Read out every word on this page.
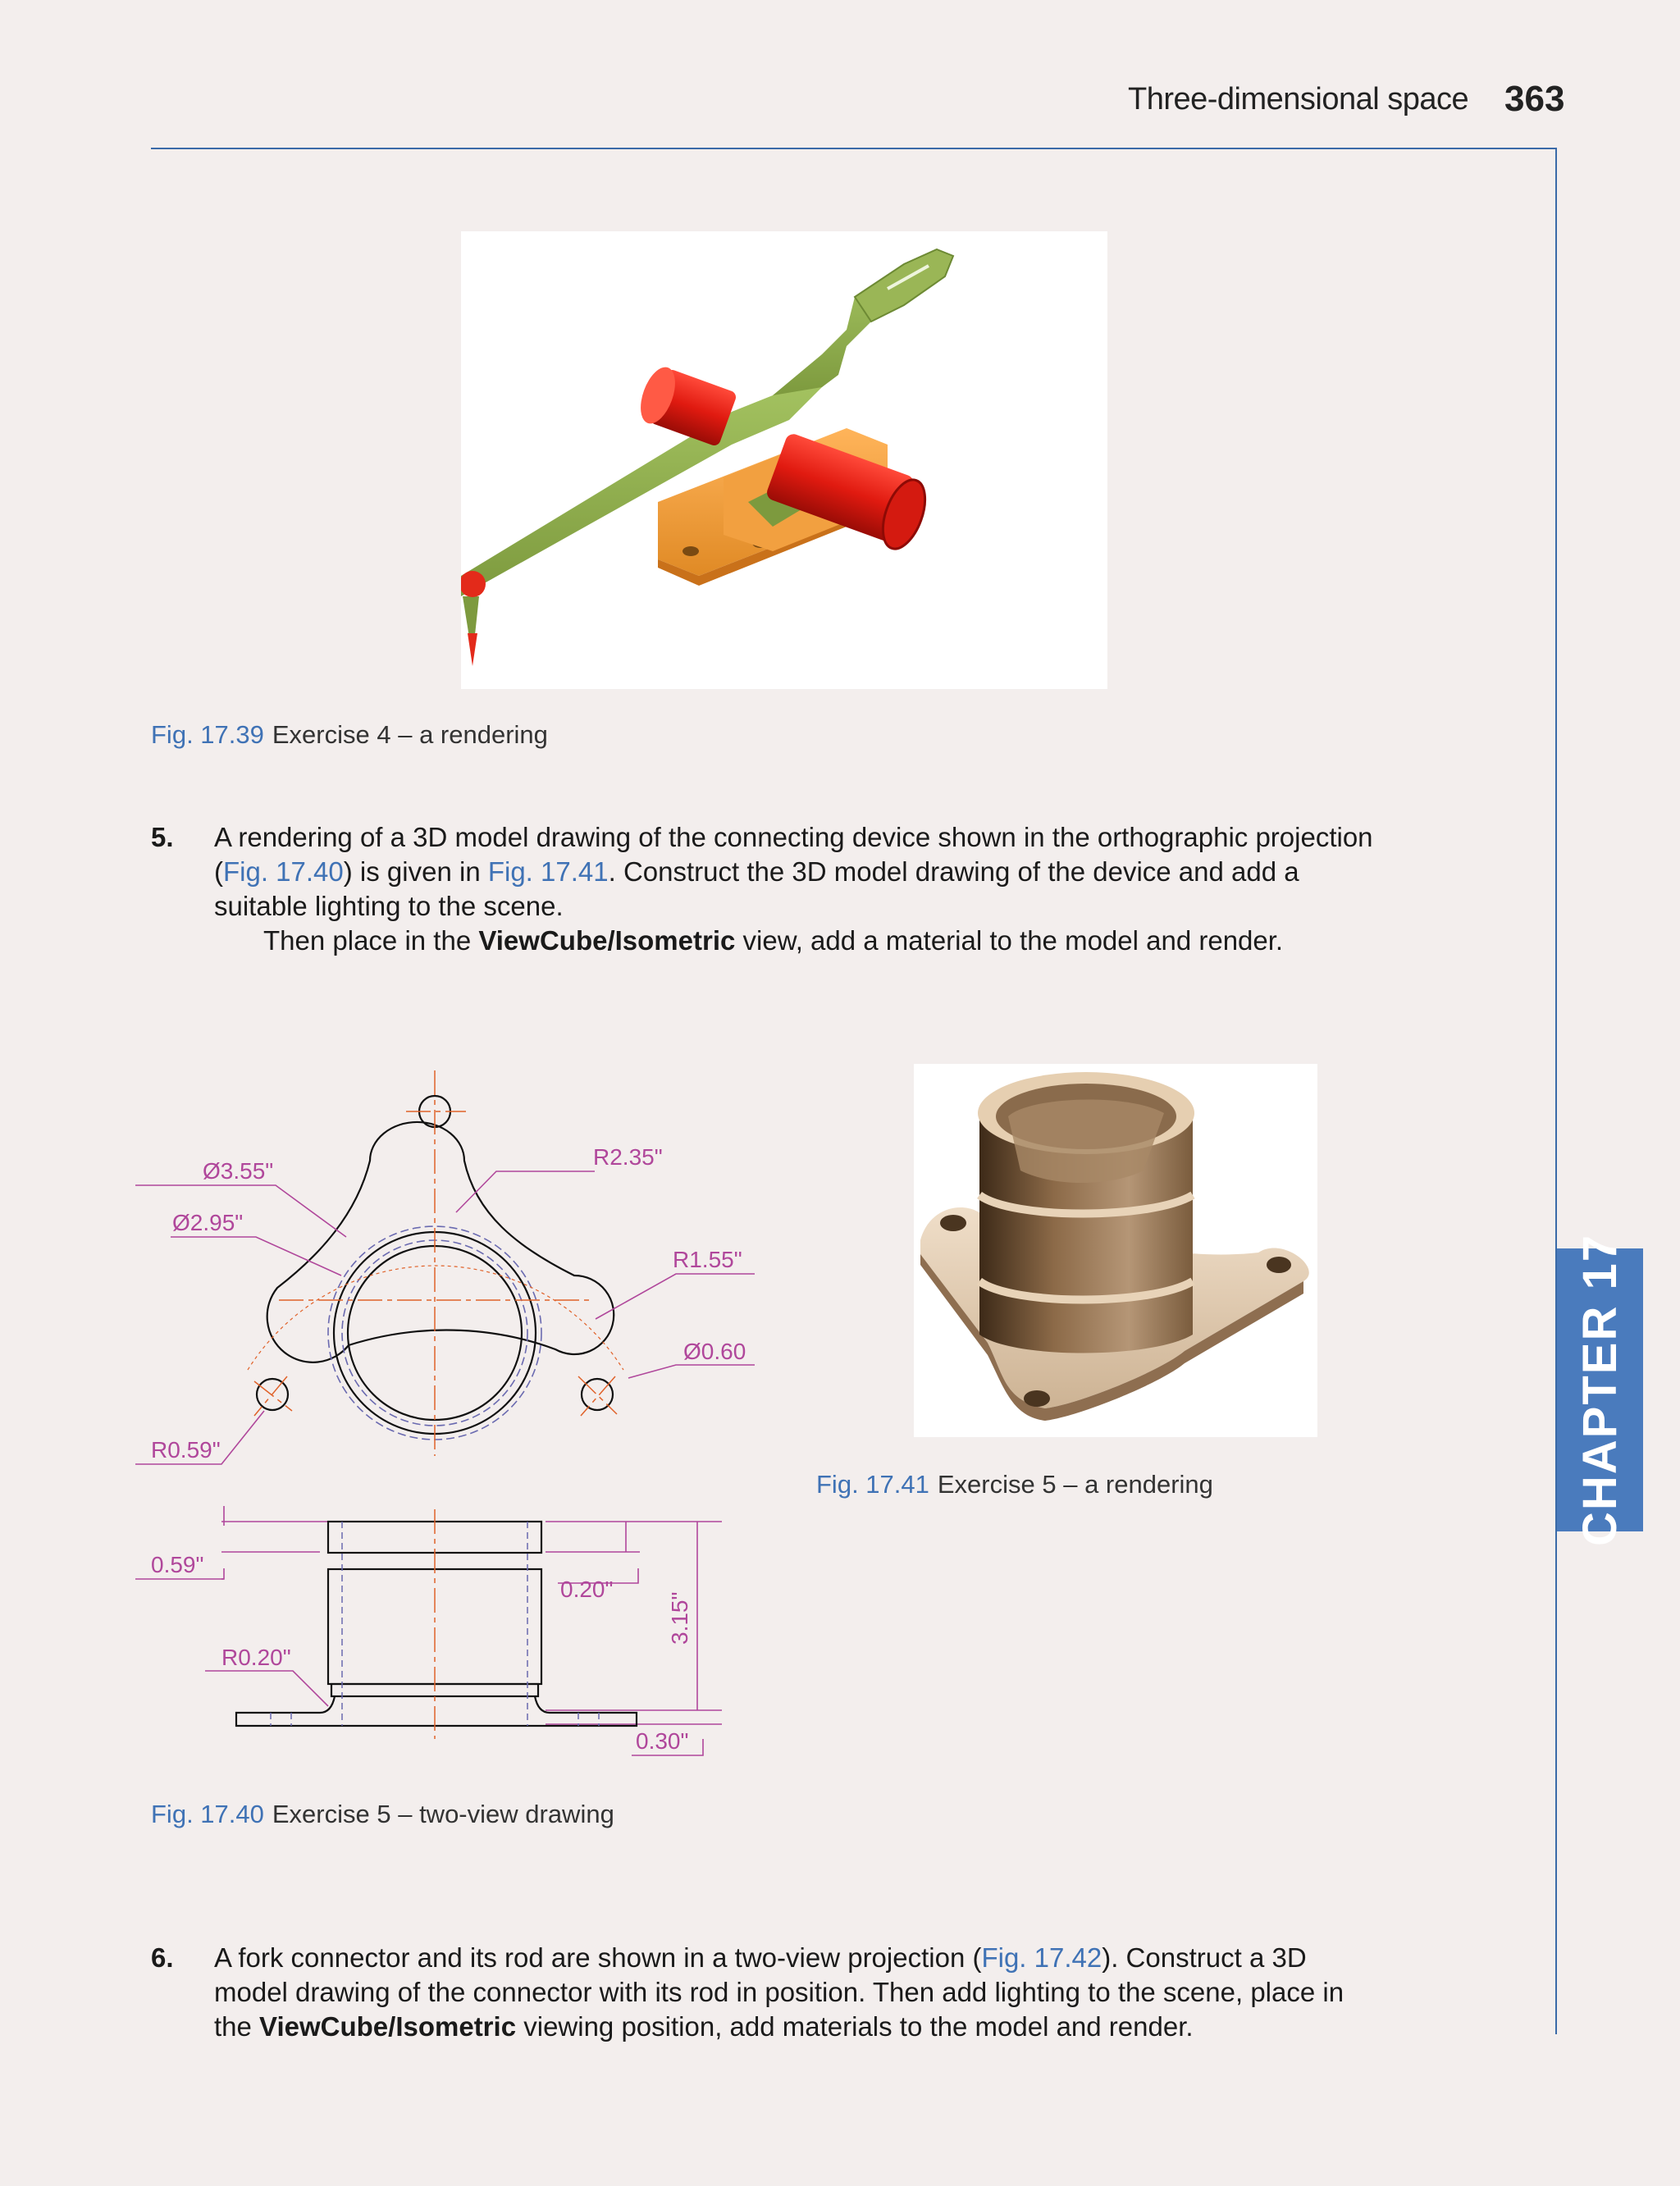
Three-dimensional space 363
CHAPTER 17
Fig. 17.39 Exercise 4 – a rendering
5. A rendering of a 3D model drawing of the connecting device shown in the orthographic projection (Fig. 17.40) is given in Fig. 17.41. Construct the 3D model drawing of the device and add a suitable lighting to the scene.
Then place in the ViewCube/Isometric view, add a material to the model and render.
Ø3.55"
Ø2.95"
R2.35"
R1.55"
Ø0.60
R0.59"
0.59"
0.20"
3.15"
R0.20"
0.30"
Fig. 17.40 Exercise 5 – two-view drawing
Fig. 17.41 Exercise 5 – a rendering
6. A fork connector and its rod are shown in a two-view projection (Fig. 17.42). Construct a 3D model drawing of the connector with its rod in position. Then add lighting to the scene, place in the ViewCube/Isometric viewing position, add materials to the model and render.
